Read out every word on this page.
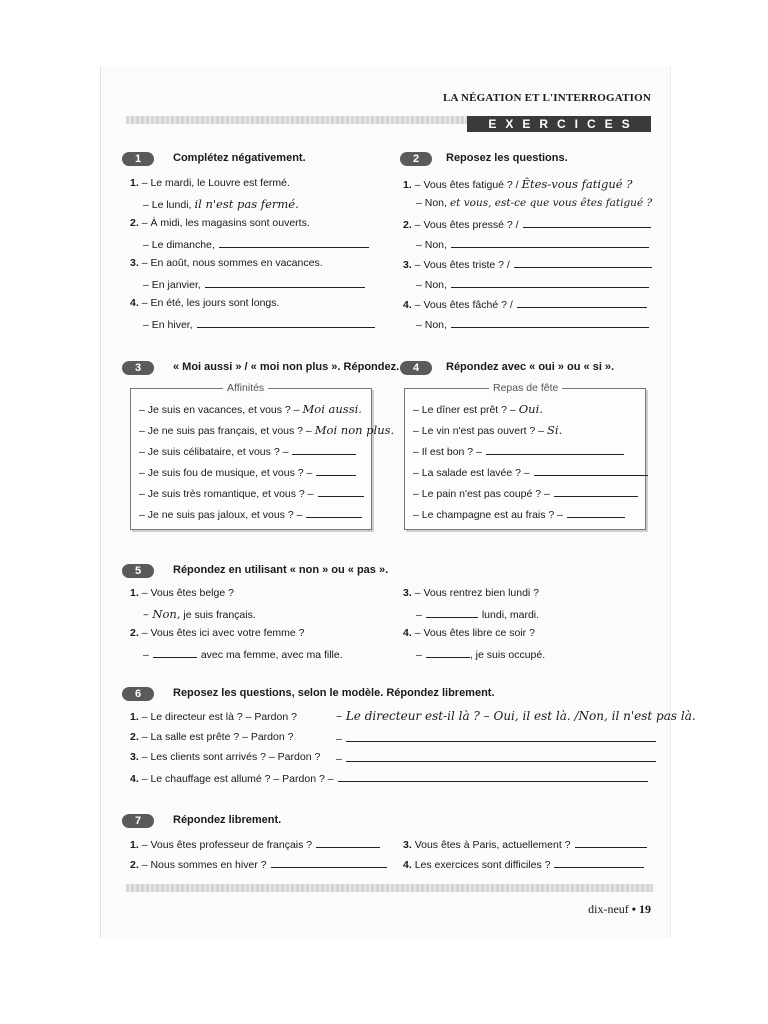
LA NÉGATION ET L'INTERROGATION
EXERCICES
1	Complétez négativement.
1.
– Le mardi, le Louvre est fermé.
– Le lundi, il n'est pas fermé.
2.
– À midi, les magasins sont ouverts.
– Le dimanche,
3.
– En août, nous sommes en vacances.
– En janvier,
4.
– En été, les jours sont longs.
– En hiver,
2	Reposez les questions.
1.
– Vous êtes fatigué ? / Êtes-vous fatigué ?
– Non, et vous, est-ce que vous êtes fatigué ?
2.
– Vous êtes pressé ? /
– Non,
3.
– Vous êtes triste ? /
– Non,
4.
– Vous êtes fâché ? /
– Non,
3	« Moi aussi » / « moi non plus ». Répondez.
Affinités
– Je suis en vacances, et vous ? – Moi aussi.
– Je ne suis pas français, et vous ? – Moi non plus.
– Je suis célibataire, et vous ? –
– Je suis fou de musique, et vous ? –
– Je suis très romantique, et vous ? –
– Je ne suis pas jaloux, et vous ? –
4	Répondez avec « oui » ou « si ».
Repas de fête
– Le dîner est prêt ? – Oui.
– Le vin n'est pas ouvert ? – Si.
– Il est bon ? –
– La salade est lavée ? –
– Le pain n'est pas coupé ? –
– Le champagne est au frais ? –
5	Répondez en utilisant « non » ou « pas ».
1.
– Vous êtes belge ?
– Non,
je suis français.
2.
– Vous êtes ici avec votre femme ?
–	avec ma femme, avec ma fille.
3.
– Vous rentrez bien lundi ?
–	lundi, mardi.
4.
– Vous êtes libre ce soir ?
–	, je suis occupé.
6	Reposez les questions, selon le modèle. Répondez librement.
1.
– Le directeur est là ? – Pardon ?	– Le directeur est-il là ? – Oui, il est là. /Non, il n'est pas là.
2.
– La salle est prête ? – Pardon ?	–
3.
– Les clients sont arrivés ? – Pardon ? –
4.
– Le chauffage est allumé ? – Pardon ?
–
7	Répondez librement.
1.
– Vous êtes professeur de français ?
2.
– Nous sommes en hiver ?
3.
Vous êtes à Paris, actuellement ?
4.
Les exercices sont difficiles ?
dix-neuf • 19
